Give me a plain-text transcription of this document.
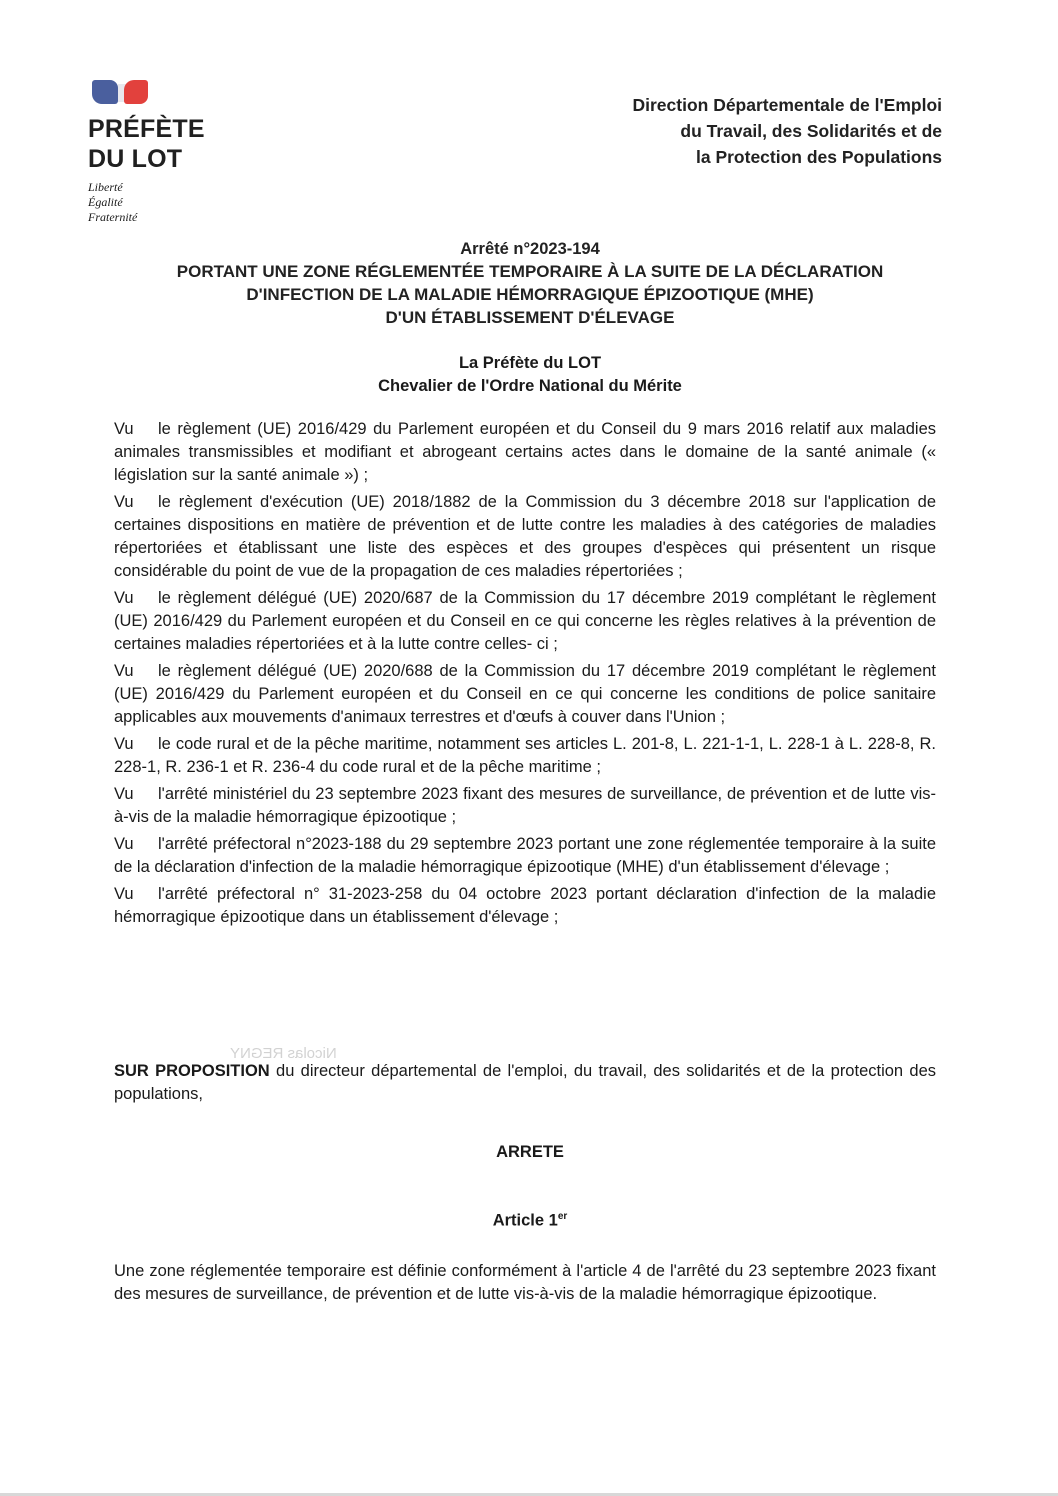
PRÉFÈTE
DU LOT
Liberté
Égalité
Fraternité
Direction Départementale de l'Emploi
du Travail, des Solidarités et de
la Protection des Populations
Arrêté n°2023-194
PORTANT UNE ZONE RÉGLEMENTÉE TEMPORAIRE À LA SUITE DE LA DÉCLARATION
D'INFECTION DE LA MALADIE HÉMORRAGIQUE ÉPIZOOTIQUE (MHE)
D'UN ÉTABLISSEMENT D'ÉLEVAGE
La Préfète du LOT
Chevalier de l'Ordre National du Mérite
Vu le règlement (UE) 2016/429 du Parlement européen et du Conseil du 9 mars 2016 relatif aux maladies animales transmissibles et modifiant et abrogeant certains actes dans le domaine de la santé animale (« législation sur la santé animale ») ;
Vu le règlement d'exécution (UE) 2018/1882 de la Commission du 3 décembre 2018 sur l'application de certaines dispositions en matière de prévention et de lutte contre les maladies à des catégories de maladies répertoriées et établissant une liste des espèces et des groupes d'espèces qui présentent un risque considérable du point de vue de la propagation de ces maladies répertoriées ;
Vu le règlement délégué (UE) 2020/687 de la Commission du 17 décembre 2019 complétant le règlement (UE) 2016/429 du Parlement européen et du Conseil en ce qui concerne les règles relatives à la prévention de certaines maladies répertoriées et à la lutte contre celles- ci ;
Vu le règlement délégué (UE) 2020/688 de la Commission du 17 décembre 2019 complétant le règlement (UE) 2016/429 du Parlement européen et du Conseil en ce qui concerne les conditions de police sanitaire applicables aux mouvements d'animaux terrestres et d'œufs à couver dans l'Union ;
Vu le code rural et de la pêche maritime, notamment ses articles L. 201-8, L. 221-1-1, L. 228-1 à L. 228-8, R. 228-1, R. 236-1 et R. 236-4 du code rural et de la pêche maritime ;
Vu l'arrêté ministériel du 23 septembre 2023 fixant des mesures de surveillance, de prévention et de lutte vis-à-vis de la maladie hémorragique épizootique ;
Vu l'arrêté préfectoral n°2023-188 du 29 septembre 2023 portant une zone réglementée temporaire à la suite de la déclaration d'infection de la maladie hémorragique épizootique (MHE) d'un établissement d'élevage ;
Vu l'arrêté préfectoral n° 31-2023-258 du 04 octobre 2023 portant déclaration d'infection de la maladie hémorragique épizootique dans un établissement d'élevage ;
Nicolas REGNY
SUR PROPOSITION du directeur départemental de l'emploi, du travail, des solidarités et de la protection des populations,
ARRETE
Article 1er
Une zone réglementée temporaire est définie conformément à l'article 4 de l'arrêté du 23 septembre 2023 fixant des mesures de surveillance, de prévention et de lutte vis-à-vis de la maladie hémorragique épizootique.
